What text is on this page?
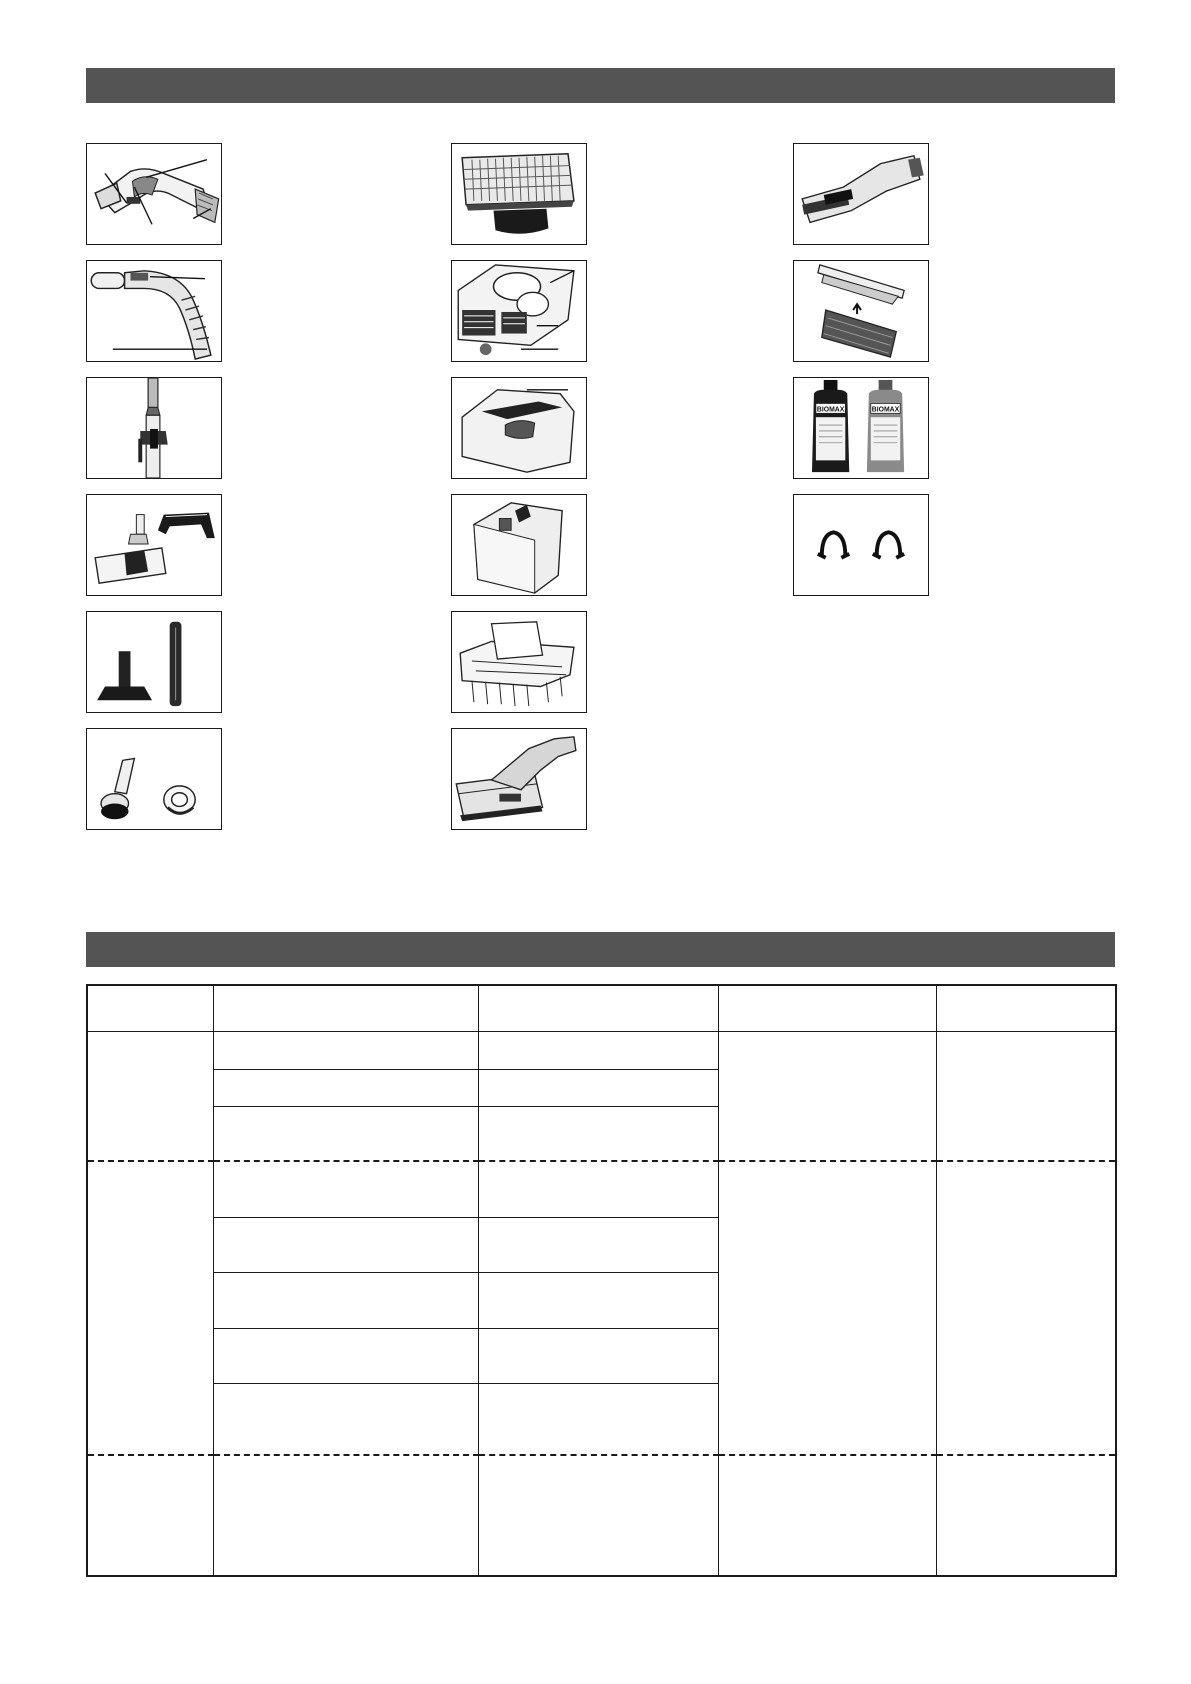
BIOMAX	BIOMAX
